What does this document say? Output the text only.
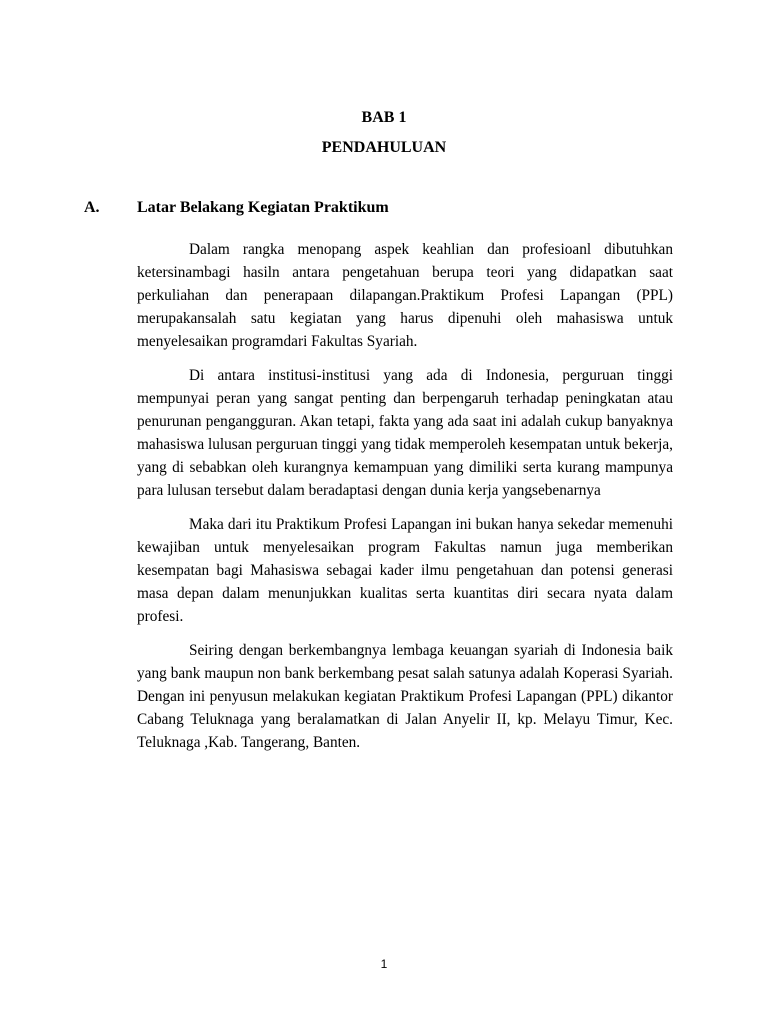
BAB 1
PENDAHULUAN
A. Latar Belakang Kegiatan Praktikum

Dalam rangka menopang aspek keahlian dan profesioanl dibutuhkan ketersinambagi hasiln antara pengetahuan berupa teori yang didapatkan saat perkuliahan dan penerapaan dilapangan.Praktikum Profesi Lapangan (PPL) merupakansalah satu kegiatan yang harus dipenuhi oleh mahasiswa untuk menyelesaikan programdari Fakultas Syariah.

Di antara institusi-institusi yang ada di Indonesia, perguruan tinggi mempunyai peran yang sangat penting dan berpengaruh terhadap peningkatan atau penurunan pengangguran. Akan tetapi, fakta yang ada saat ini adalah cukup banyaknya mahasiswa lulusan perguruan tinggi yang tidak memperoleh kesempatan untuk bekerja, yang di sebabkan oleh kurangnya kemampuan yang dimiliki serta kurang mampunya para lulusan tersebut dalam beradaptasi dengan dunia kerja yangsebenarnya

Maka dari itu Praktikum Profesi Lapangan ini bukan hanya sekedar memenuhi kewajiban untuk menyelesaikan program Fakultas namun juga memberikan kesempatan bagi Mahasiswa sebagai kader ilmu pengetahuan dan potensi generasi masa depan dalam menunjukkan kualitas serta kuantitas diri secara nyata dalam profesi.

Seiring dengan berkembangnya lembaga keuangan syariah di Indonesia baik yang bank maupun non bank berkembang pesat salah satunya adalah Koperasi Syariah. Dengan ini penyusun melakukan kegiatan Praktikum Profesi Lapangan (PPL) dikantor Cabang Teluknaga yang beralamatkan di Jalan Anyelir II, kp. Melayu Timur, Kec. Teluknaga ,Kab. Tangerang, Banten.

1
